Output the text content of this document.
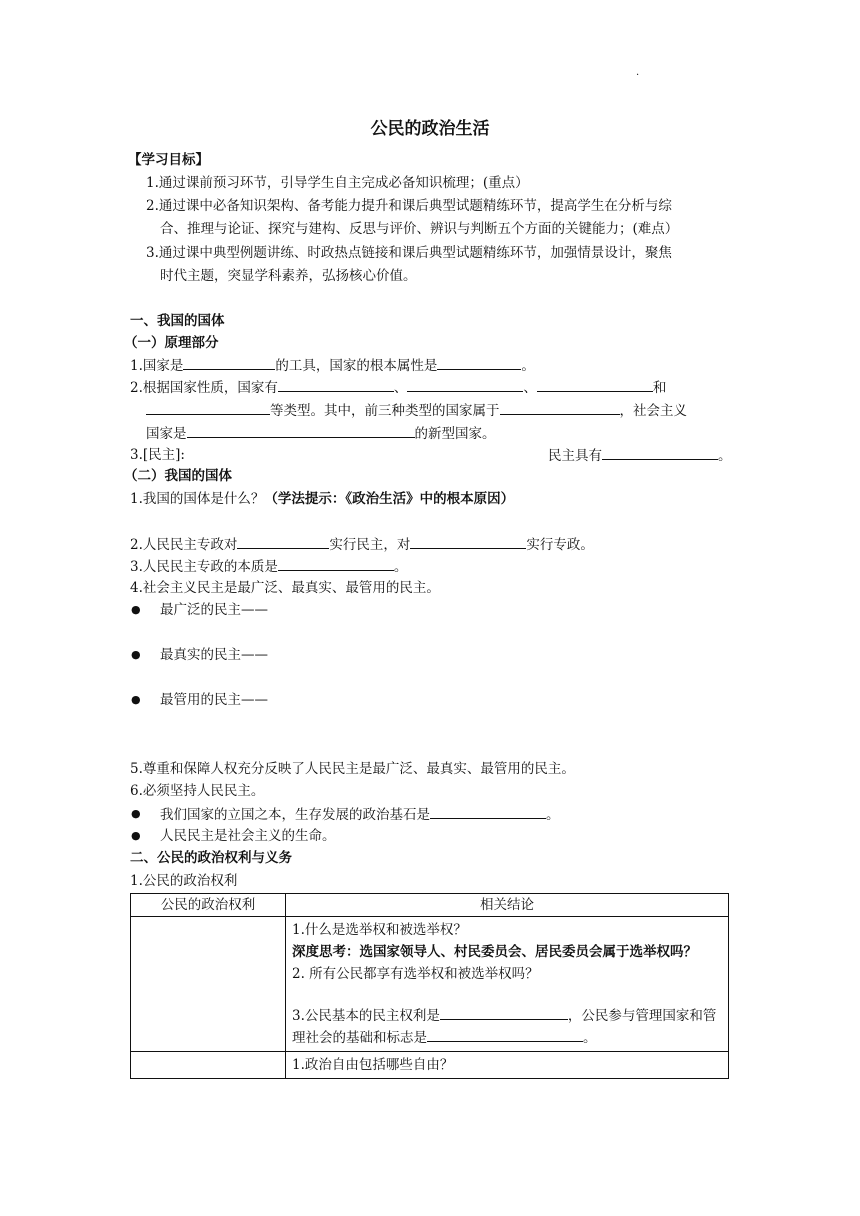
.
公民的政治生活
【学习目标】
1.通过课前预习环节，引导学生自主完成必备知识梳理；(重点）
2.通过课中必备知识架构、备考能力提升和课后典型试题精练环节，提高学生在分析与综
合、推理与论证、探究与建构、反思与评价、辨识与判断五个方面的关键能力；(难点）
3.通过课中典型例题讲练、时政热点链接和课后典型试题精练环节，加强情景设计，聚焦
时代主题，突显学科素养，弘扬核心价值。
一、我国的国体
（一）原理部分
1.国家是	的工具，国家的根本属性是	。
2.根据国家性质，国家有	、	、	和
等类型。其中，前三种类型的国家属于	，社会主义
国家是	的新型国家。
3.[民主]:	民主具有	。
（二）我国的国体
1.我国的国体是什么？（学法提示：《政治生活》中的根本原因）
2.人民民主专政对	实行民主，对	实行专政。
3.人民民主专政的本质是	。
4.社会主义民主是最广泛、最真实、最管用的民主。
● 最广泛的民主——
● 最真实的民主——
● 最管用的民主——
5.尊重和保障人权充分反映了人民民主是最广泛、最真实、最管用的民主。
6.必须坚持人民民主。
● 我们国家的立国之本，生存发展的政治基石是	。
● 人民民主是社会主义的生命。
二、公民的政治权利与义务
1.公民的政治权利
公民的政治权利	相关结论

	1.什么是选举权和被选举权？
深度思考：选国家领导人、村民委员会、居民委员会属于选举权吗？
2. 所有公民都享有选举权和被选举权吗？
3.公民基本的民主权利是 ，公民参与管理国家和管理社会的基础和标志是 。

	1.政治自由包括哪些自由？
